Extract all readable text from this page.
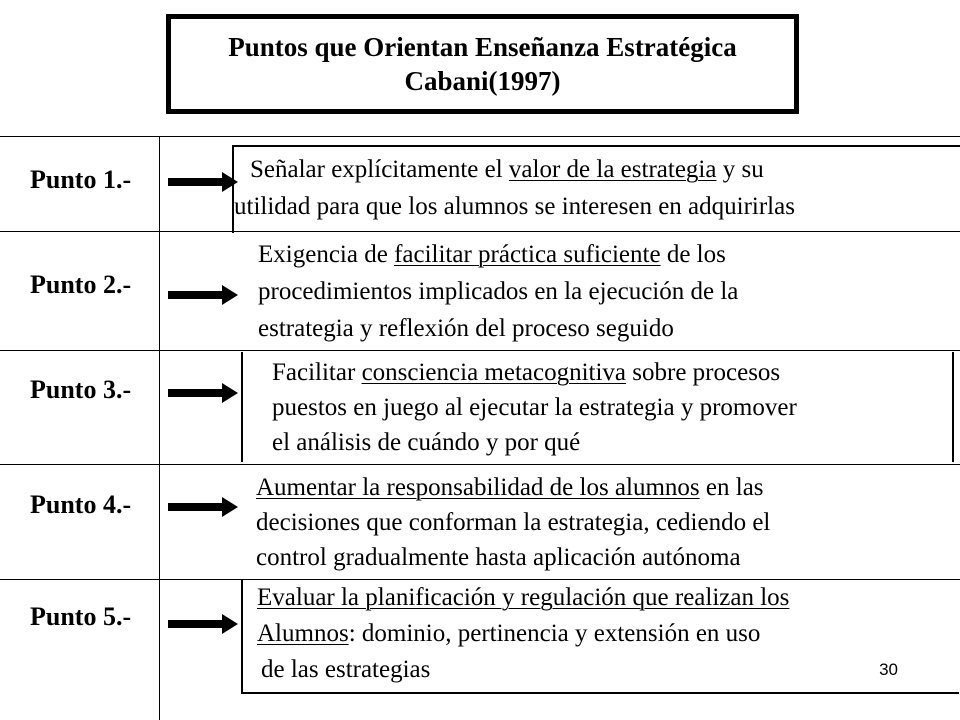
Puntos que Orientan Enseñanza Estratégica
Cabani(1997)
Punto 1.-	Señalar explícitamente el valor de la estrategia y su
utilidad para que los alumnos se interesen en adquirirlas
Punto 2.-
Exigencia de facilitar práctica suficiente de los
procedimientos implicados en la ejecución de la
estrategia y reflexión del proceso seguido
Punto 3.-
Facilitar consciencia metacognitiva sobre procesos
puestos en juego al ejecutar la estrategia y promover
el análisis de cuándo y por qué
Punto 4.-
Aumentar la responsabilidad de los alumnos en las
decisiones que conforman la estrategia, cediendo el
control gradualmente hasta aplicación autónoma
Punto 5.-
Evaluar la planificación y regulación que realizan los
Alumnos: dominio, pertinencia y extensión en uso
de las estrategias	30
